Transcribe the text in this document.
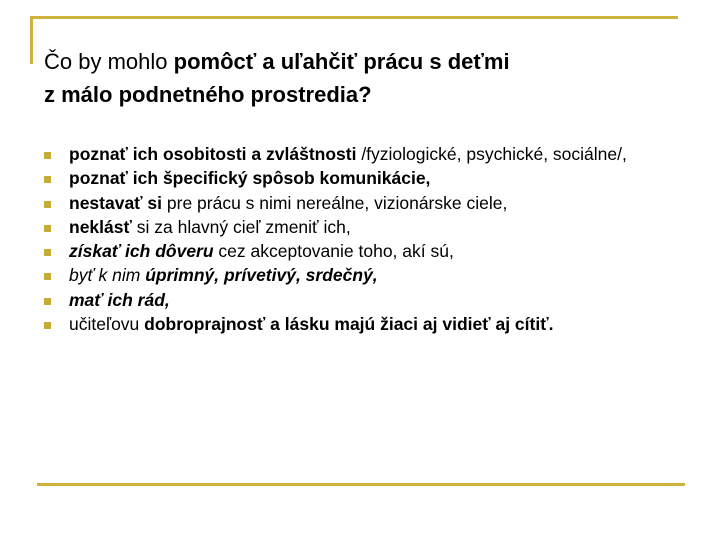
Čo by mohlo pomôcť a uľahčiť prácu s deťmi
z málo podnetného prostredia?
poznať ich osobitosti a zvláštnosti /fyziologické, psychické, sociálne/,
poznať ich špecifický spôsob komunikácie,
nestavať si pre prácu s nimi nereálne, vizionárske ciele,
neklásť si za hlavný cieľ zmeniť ich,
získať ich dôveru cez akceptovanie toho, akí sú,
byť k nim úprimný, prívetivý, srdečný,
mať ich rád,
učiteľovu dobroprajnosť a lásku majú žiaci aj vidieť aj cítiť.
